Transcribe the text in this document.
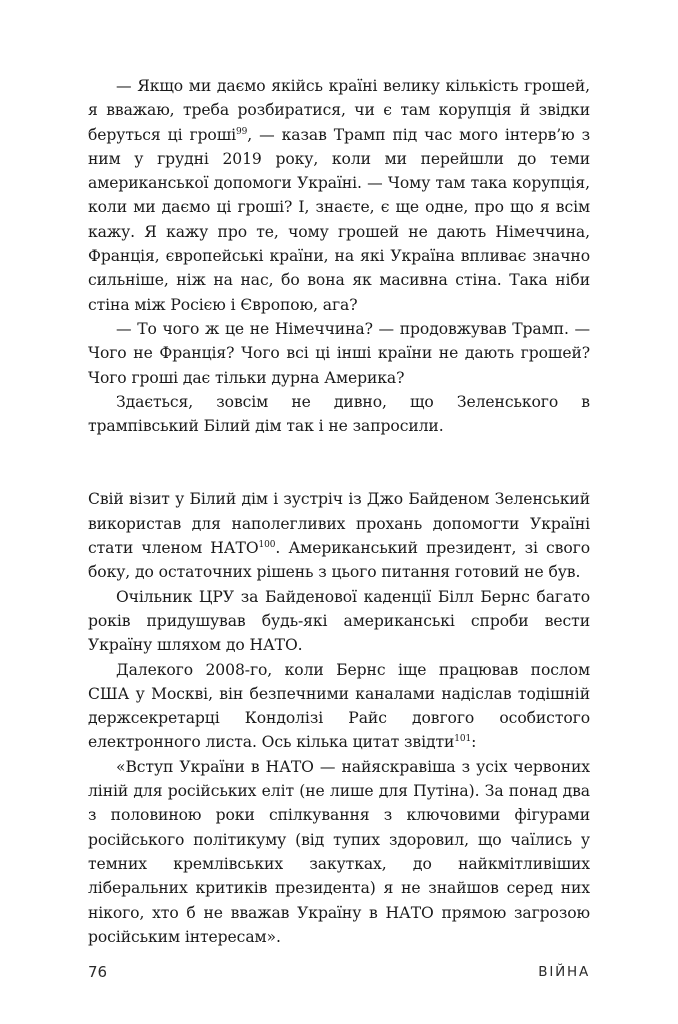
— Якщо ми даємо якійсь країні велику кількість грошей, я вважаю, треба розбиратися, чи є там корупція й звідки беруться ці гроші$^{99}$, — казав Трамп під час мого інтерв’ю з ним у грудні 2019 року, коли ми перейшли до теми американської допомоги Україні. — Чому там така корупція, коли ми даємо ці гроші? І, знаєте, є ще одне, про що я всім кажу. Я кажу про те, чому грошей не дають Німеччина, Франція, європейські країни, на які Україна впливає значно сильніше, ніж на нас, бо вона як масивна стіна. Така ніби стіна між Росією і Європою, ага?

— То чого ж це не Німеччина? — продовжував Трамп. — Чого не Франція? Чого всі ці інші країни не дають грошей? Чого гроші дає тільки дурна Америка?

Здається, зовсім не дивно, що Зеленського в трампівський Білий дім так і не запросили.

Свій візит у Білий дім і зустріч із Джо Байденом Зеленський використав для наполегливих прохань допомогти Україні стати членом НАТО$^{100}$. Американський президент, зі свого боку, до остаточних рішень з цього питання готовий не був.

Очільник ЦРУ за Байденової каденції Білл Бернс багато років придушував будь-які американські спроби вести Україну шляхом до НАТО.

Далекого 2008-го, коли Бернс іще працював послом США у Москві, він безпечними каналами надіслав тодішній держсекретарці Кондолізі Райс довгого особистого електронного листа. Ось кілька цитат звідти$^{101}$:

«Вступ України в НАТО — найяскравіша з усіх червоних ліній для російських еліт (не лише для Путіна). За понад два з половиною роки спілкування з ключовими фігурами російського політикуму (від тупих здоровил, що чаїлись у темних кремлівських закутках, до найкмітливіших ліберальних критиків президента) я не знайшов серед них нікого, хто б не вважав Україну в НАТО прямою загрозою російським інтересам».

76	ВІЙНА
